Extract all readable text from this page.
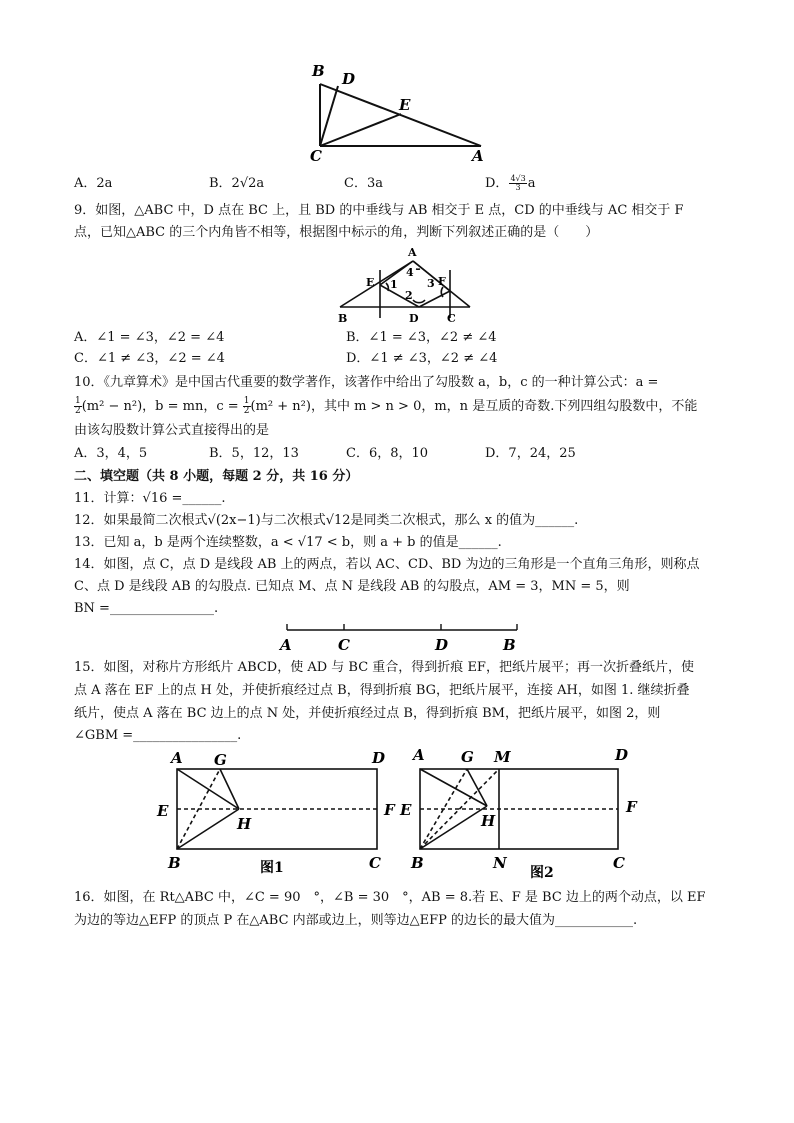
B D
E
C	A
A．2a	B．2√2a	C．3a	D． $\frac{4√3}{3}$ a
9．如图，△ABC 中，D 点在 BC 上，且 BD 的中垂线与 AB 相交于 E 点，CD 的中垂线与 AC 相交于 F
点，已知△ABC 的三个内角皆不相等，根据图中标示的角，判断下列叙述正确的是（　　）
A
4
3 F
E 1
2
B	D	C
A．∠1 = ∠3，∠2 = ∠4	B．∠1 = ∠3，∠2 ≠ ∠4
C．∠1 ≠ ∠3，∠2 = ∠4	D．∠1 ≠ ∠3，∠2 ≠ ∠4
10．《九章算术》是中国古代重要的数学著作，该著作中给出了勾股数 a，b，c 的一种计算公式：a =
$\frac{1}{2} (m^2 - n^2)$，b = mn，$c = \frac{1}{2} (m^2 + n^2)$，其中 m > n > 0，m，n 是互质的奇数.下列四组勾股数中，不能
由该勾股数计算公式直接得出的是
A．3，4，5	B．5，12，13	C．6，8，10	D．7，24，25
二、填空题（共 8 小题，每题 2 分，共 16 分）
11．计算：√16 =______.
12．如果最简二次根式√(2x−1)与二次根式√12是同类二次根式，那么 x 的值为______.
13．已知 a，b 是两个连续整数，a < √17 < b，则 a + b 的值是______.
14．如图，点 C，点 D 是线段 AB 上的两点，若以 AC、CD、BD 为边的三角形是一个直角三角形，则称点
C、点 D 是线段 AB 的勾股点. 已知点 M、点 N 是线段 AB 的勾股点，AM = 3，MN = 5，则
BN =________________.
A	C	D	B
15．如图，对称片方形纸片 ABCD，使 AD 与 BC 重合，得到折痕 EF，把纸片展平；再一次折叠纸片，使
点 A 落在 EF 上的点 H 处，并使折痕经过点 B，得到折痕 BG，把纸片展平，连接 AH，如图 1. 继续折叠
纸片，使点 A 落在 BC 边上的点 N 处，并使折痕经过点 B，得到折痕 BM，把纸片展平，如图 2，则
∠GBM =________________.
A G	D
E	F
H
B	C
图1
A G M	D
E	F
H
B	N	C
图2
16．如图，在 Rt△ABC 中，∠C = 90　°，∠B = 30　°，AB = 8.若 E、F 是 BC 边上的两个动点，以 EF
为边的等边△EFP 的顶点 P 在△ABC 内部或边上，则等边△EFP 的边长的最大值为____________.
